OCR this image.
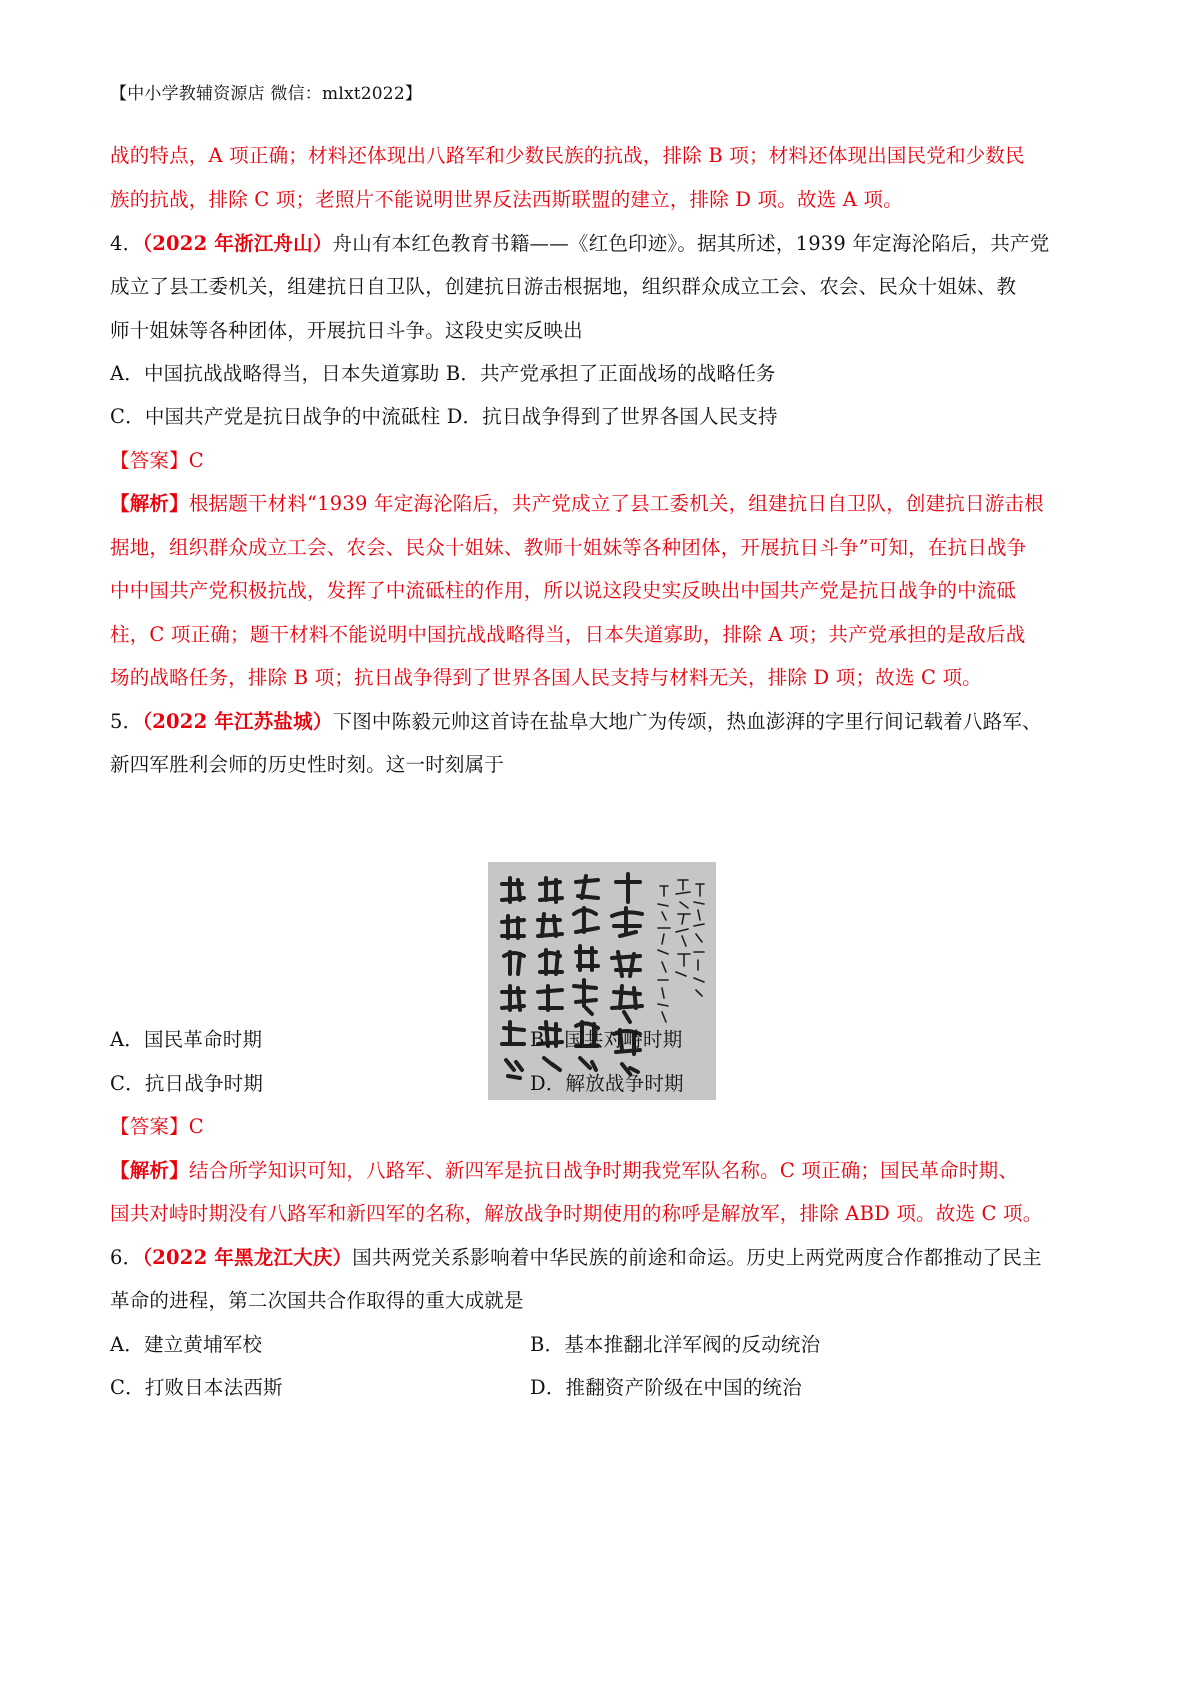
【中小学教辅资源店 微信：mlxt2022】
战的特点，A 项正确；材料还体现出八路军和少数民族的抗战，排除 B 项；材料还体现出国民党和少数民
族的抗战，排除 C 项；老照片不能说明世界反法西斯联盟的建立，排除 D 项。故选 A 项。
4．（2022 年浙江舟山）舟山有本红色教育书籍——《红色印迹》。据其所述，1939 年定海沦陷后，共产党
成立了县工委机关，组建抗日自卫队，创建抗日游击根据地，组织群众成立工会、农会、民众十姐妹、教
师十姐妹等各种团体，开展抗日斗争。这段史实反映出
A．中国抗战战略得当，日本失道寡助 B．共产党承担了正面战场的战略任务
C．中国共产党是抗日战争的中流砥柱 D．抗日战争得到了世界各国人民支持
【答案】C
【解析】根据题干材料“1939 年定海沦陷后，共产党成立了县工委机关，组建抗日自卫队，创建抗日游击根
据地，组织群众成立工会、农会、民众十姐妹、教师十姐妹等各种团体，开展抗日斗争”可知，在抗日战争
中中国共产党积极抗战，发挥了中流砥柱的作用，所以说这段史实反映出中国共产党是抗日战争的中流砥
柱，C 项正确；题干材料不能说明中国抗战战略得当，日本失道寡助，排除 A 项；共产党承担的是敌后战
场的战略任务，排除 B 项；抗日战争得到了世界各国人民支持与材料无关，排除 D 项；故选 C 项。
5．（2022 年江苏盐城）下图中陈毅元帅这首诗在盐阜大地广为传颂，热血澎湃的字里行间记载着八路军、
新四军胜利会师的历史性时刻。这一时刻属于
A．国民革命时期	B．国共对峙时期
C．抗日战争时期	D．解放战争时期
【答案】C
【解析】结合所学知识可知，八路军、新四军是抗日战争时期我党军队名称。C 项正确；国民革命时期、
国共对峙时期没有八路军和新四军的名称，解放战争时期使用的称呼是解放军，排除 ABD 项。故选 C 项。
6．（2022 年黑龙江大庆）国共两党关系影响着中华民族的前途和命运。历史上两党两度合作都推动了民主
革命的进程，第二次国共合作取得的重大成就是
A．建立黄埔军校	B．基本推翻北洋军阀的反动统治
C．打败日本法西斯	D．推翻资产阶级在中国的统治
